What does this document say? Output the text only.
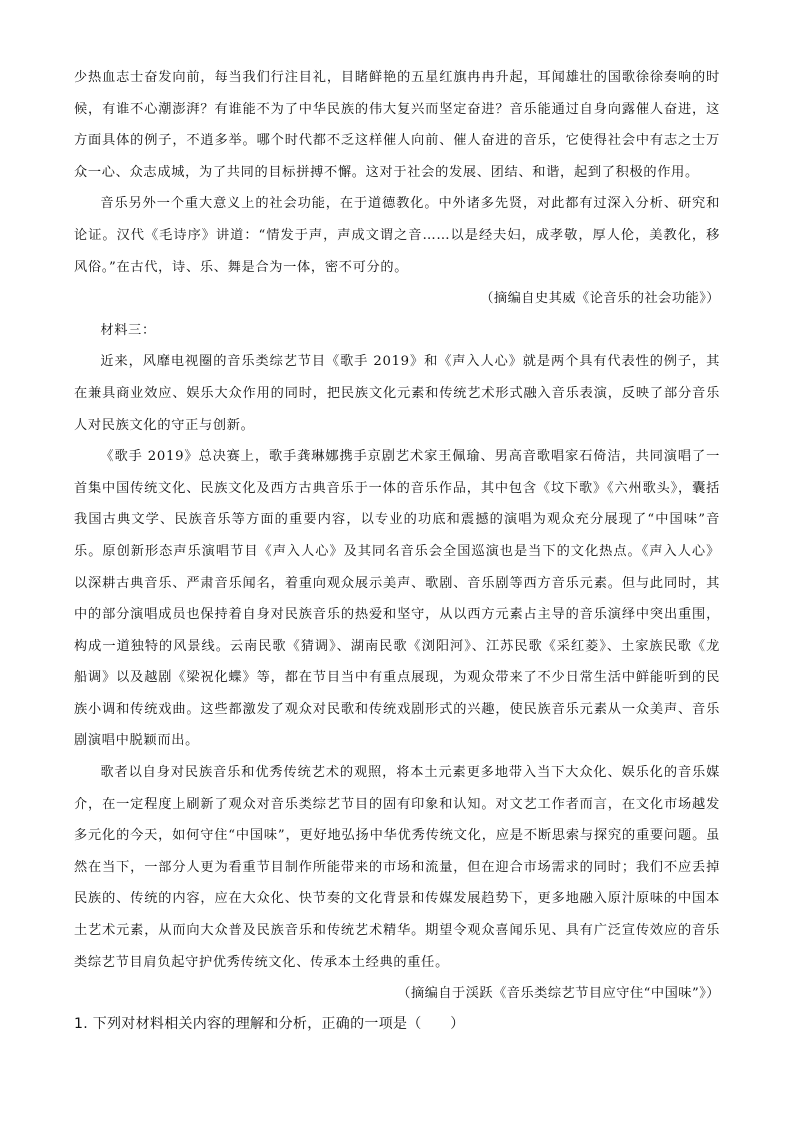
少热血志士奋发向前，每当我们行注目礼，目睹鲜艳的五星红旗冉冉升起，耳闻雄壮的国歌徐徐奏响的时候，有谁不心潮澎湃？有谁能不为了中华民族的伟大复兴而坚定奋进？音乐能通过自身向露催人奋进，这方面具体的例子，不逍多举。哪个时代都不乏这样催人向前、催人奋进的音乐，它使得社会中有志之士万众一心、众志成城，为了共同的目标拼搏不懈。这对于社会的发展、团结、和谐，起到了积极的作用。

音乐另外一个重大意义上的社会功能，在于道德教化。中外诸多先贤，对此都有过深入分析、研究和论证。汉代《毛诗序》讲道：“情发于声，声成文谓之音……以是经夫妇，成孝敬，厚人伦，美教化，移风俗。”在古代，诗、乐、舞是合为一体，密不可分的。

（摘编自史其威《论音乐的社会功能》）

材料三：

近来，风靡电视圈的音乐类综艺节目《歌手 2019》和《声入人心》就是两个具有代表性的例子，其在兼具商业效应、娱乐大众作用的同时，把民族文化元素和传统艺术形式融入音乐表演，反映了部分音乐人对民族文化的守正与创新。

《歌手 2019》总决赛上，歌手龚琳娜携手京剧艺术家王佩瑜、男高音歌唱家石倚洁，共同演唱了一首集中国传统文化、民族文化及西方古典音乐于一体的音乐作品，其中包含《坟下歌》《六州歌头》，囊括我国古典文学、民族音乐等方面的重要内容，以专业的功底和震撼的演唱为观众充分展现了“中国味”音乐。原创新形态声乐演唱节目《声入人心》及其同名音乐会全国巡演也是当下的文化热点。《声入人心》以深耕古典音乐、严肃音乐闻名，着重向观众展示美声、歌剧、音乐剧等西方音乐元素。但与此同时，其中的部分演唱成员也保持着自身对民族音乐的热爱和坚守，从以西方元素占主导的音乐演绎中突出重围，构成一道独特的风景线。云南民歌《猜调》、湖南民歌《浏阳河》、江苏民歌《采红菱》、土家族民歌《龙船调》以及越剧《梁祝化蝶》等，都在节目当中有重点展现，为观众带来了不少日常生活中鲜能听到的民族小调和传统戏曲。这些都激发了观众对民歌和传统戏剧形式的兴趣，使民族音乐元素从一众美声、音乐剧演唱中脱颖而出。

歌者以自身对民族音乐和优秀传统艺术的观照，将本土元素更多地带入当下大众化、娱乐化的音乐媒介，在一定程度上刷新了观众对音乐类综艺节目的固有印象和认知。对文艺工作者而言，在文化市场越发多元化的今天，如何守住“中国味”，更好地弘扬中华优秀传统文化，应是不断思索与探究的重要问题。虽然在当下，一部分人更为看重节目制作所能带来的市场和流量，但在迎合市场需求的同时；我们不应丢掉民族的、传统的内容，应在大众化、快节奏的文化背景和传媒发展趋势下，更多地融入原汁原味的中国本土艺术元素，从而向大众普及民族音乐和传统艺术精华。期望令观众喜闻乐见、具有广泛宣传效应的音乐类综艺节目肩负起守护优秀传统文化、传承本土经典的重任。

（摘编自于渓跃《音乐类综艺节目应守住“中国味”》）

1. 下列对材料相关内容的理解和分析，正确的一项是（　　）
